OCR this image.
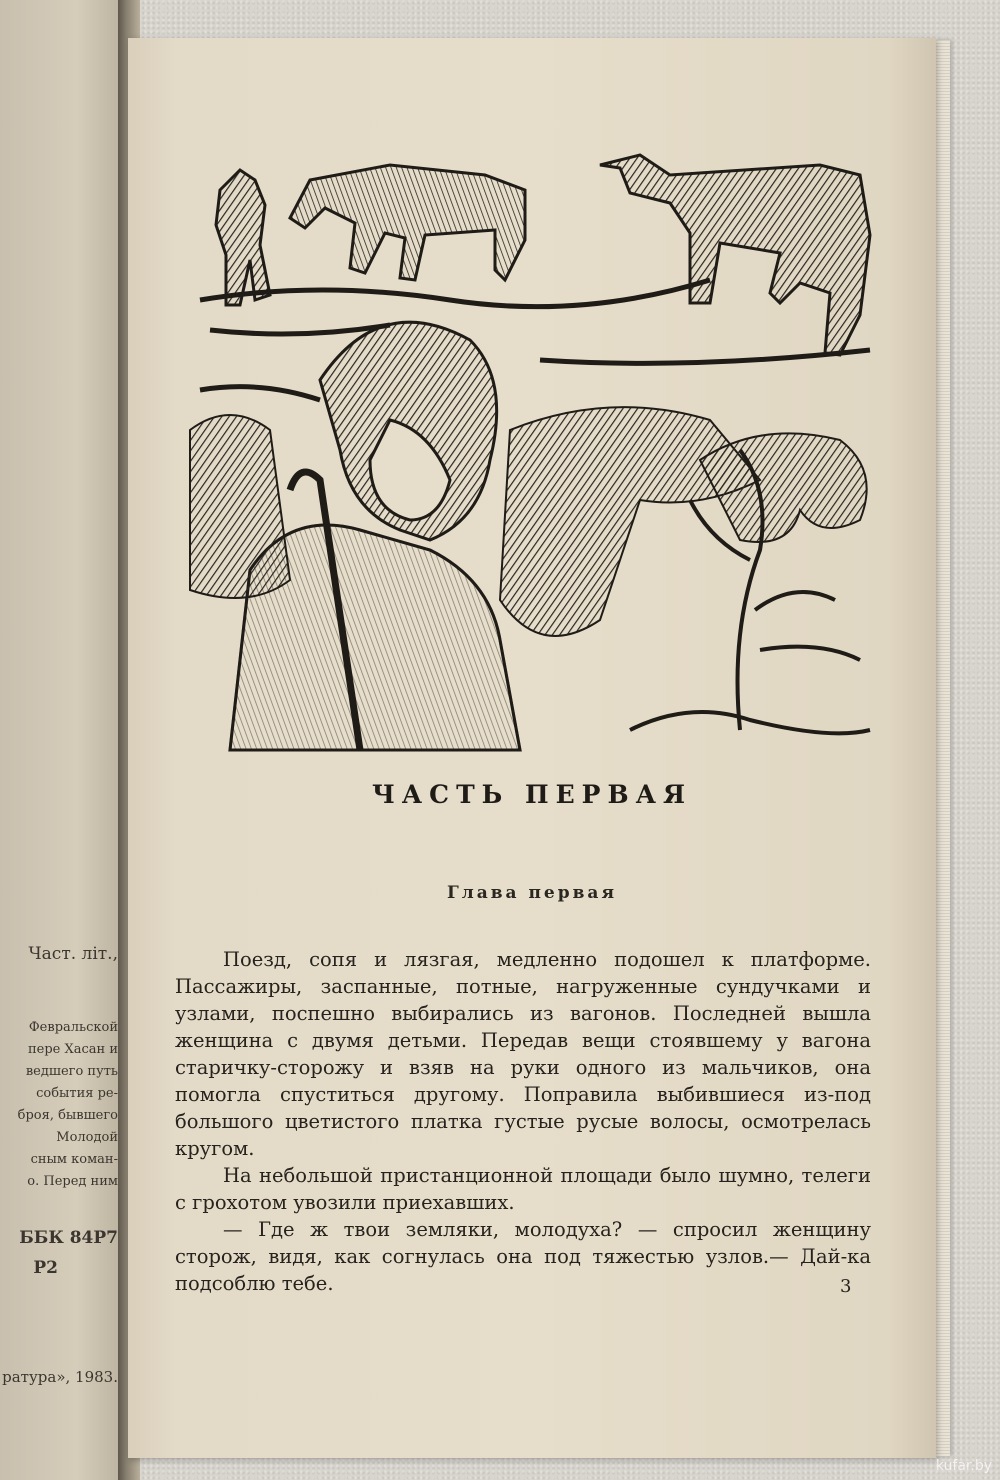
Част. літ.,
Февральской
пере Хасан и
ведшего путь
события ре-
броя, бывшего
Молодой
сным коман-
о. Перед ним
ББК 84Р7
Р2
ратура», 1983.
ЧАСТЬ ПЕРВАЯ
Глава первая

Поезд, сопя и лязгая, медленно подошел к платформе. Пассажиры, заспанные, потные, нагруженные сундучками и узлами, поспешно выбирались из вагонов. Последней вышла женщина с двумя детьми. Передав вещи стоявшему у вагона старичку-сторожу и взяв на руки одного из мальчиков, она помогла спуститься другому. Поправила выбившиеся из-под большого цветистого платка густые русые волосы, осмотрелась кругом.

На небольшой пристанционной площади было шумно, телеги с грохотом увозили приехавших.

— Где ж твои земляки, молодуха? — спросил женщину сторож, видя, как согнулась она под тяжестью узлов.— Дай-ка подсоблю тебе.	3
kufar.by
